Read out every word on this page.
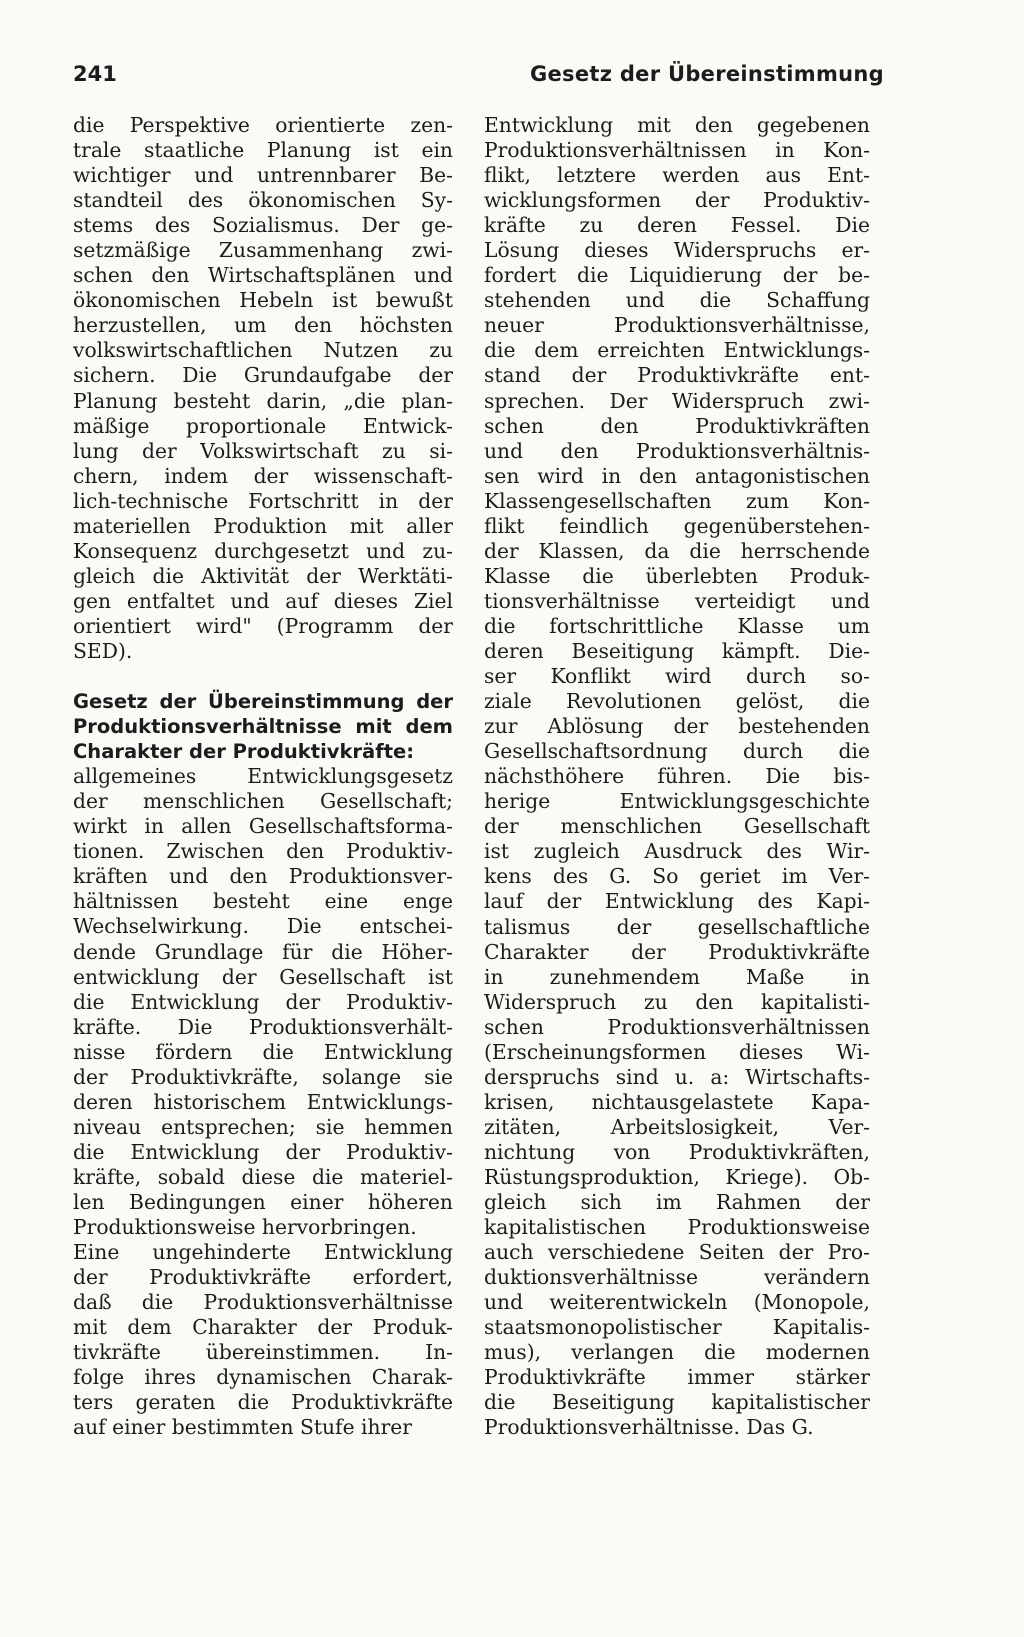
241	Gesetz der Übereinstimmung
die Perspektive orientierte zen-
trale staatliche Planung ist ein
wichtiger und untrennbarer Be-
standteil des ökonomischen Sy-
stems des Sozialismus. Der ge-
setzmäßige Zusammenhang zwi-
schen den Wirtschaftsplänen und
ökonomischen Hebeln ist bewußt
herzustellen, um den höchsten
volkswirtschaftlichen Nutzen zu
sichern. Die Grundaufgabe der
Planung besteht darin, „die plan-
mäßige proportionale Entwick-
lung der Volkswirtschaft zu si-
chern, indem der wissenschaft-
lich-technische Fortschritt in der
materiellen Produktion mit aller
Konsequenz durchgesetzt und zu-
gleich die Aktivität der Werktäti-
gen entfaltet und auf dieses Ziel
orientiert wird" (Programm der
SED).
Gesetz der Übereinstimmung der
Produktionsverhältnisse mit dem
Charakter der Produktivkräfte:
allgemeines Entwicklungsgesetz
der menschlichen Gesellschaft;
wirkt in allen Gesellschaftsforma-
tionen. Zwischen den Produktiv-
kräften und den Produktionsver-
hältnissen besteht eine enge
Wechselwirkung. Die entschei-
dende Grundlage für die Höher-
entwicklung der Gesellschaft ist
die Entwicklung der Produktiv-
kräfte. Die Produktionsverhält-
nisse fördern die Entwicklung
der Produktivkräfte, solange sie
deren historischem Entwicklungs-
niveau entsprechen; sie hemmen
die Entwicklung der Produktiv-
kräfte, sobald diese die materiel-
len Bedingungen einer höheren
Produktionsweise hervorbringen.
Eine ungehinderte Entwicklung
der Produktivkräfte erfordert,
daß die Produktionsverhältnisse
mit dem Charakter der Produk-
tivkräfte übereinstimmen. In-
folge ihres dynamischen Charak-
ters geraten die Produktivkräfte
auf einer bestimmten Stufe ihrer
Entwicklung mit den gegebenen
Produktionsverhältnissen in Kon-
flikt, letztere werden aus Ent-
wicklungsformen der Produktiv-
kräfte zu deren Fessel. Die
Lösung dieses Widerspruchs er-
fordert die Liquidierung der be-
stehenden und die Schaffung
neuer Produktionsverhältnisse,
die dem erreichten Entwicklungs-
stand der Produktivkräfte ent-
sprechen. Der Widerspruch zwi-
schen den Produktivkräften
und den Produktionsverhältnis-
sen wird in den antagonistischen
Klassengesellschaften zum Kon-
flikt feindlich gegenüberstehen-
der Klassen, da die herrschende
Klasse die überlebten Produk-
tionsverhältnisse verteidigt und
die fortschrittliche Klasse um
deren Beseitigung kämpft. Die-
ser Konflikt wird durch so-
ziale Revolutionen gelöst, die
zur Ablösung der bestehenden
Gesellschaftsordnung durch die
nächsthöhere führen. Die bis-
herige Entwicklungsgeschichte
der menschlichen Gesellschaft
ist zugleich Ausdruck des Wir-
kens des G. So geriet im Ver-
lauf der Entwicklung des Kapi-
talismus der gesellschaftliche
Charakter der Produktivkräfte
in zunehmendem Maße in
Widerspruch zu den kapitalisti-
schen Produktionsverhältnissen
(Erscheinungsformen dieses Wi-
derspruchs sind u. a: Wirtschafts-
krisen, nichtausgelastete Kapa-
zitäten, Arbeitslosigkeit, Ver-
nichtung von Produktivkräften,
Rüstungsproduktion, Kriege). Ob-
gleich sich im Rahmen der
kapitalistischen Produktionsweise
auch verschiedene Seiten der Pro-
duktionsverhältnisse verändern
und weiterentwickeln (Monopole,
staatsmonopolistischer Kapitalis-
mus), verlangen die modernen
Produktivkräfte immer stärker
die Beseitigung kapitalistischer
Produktionsverhältnisse. Das G.
